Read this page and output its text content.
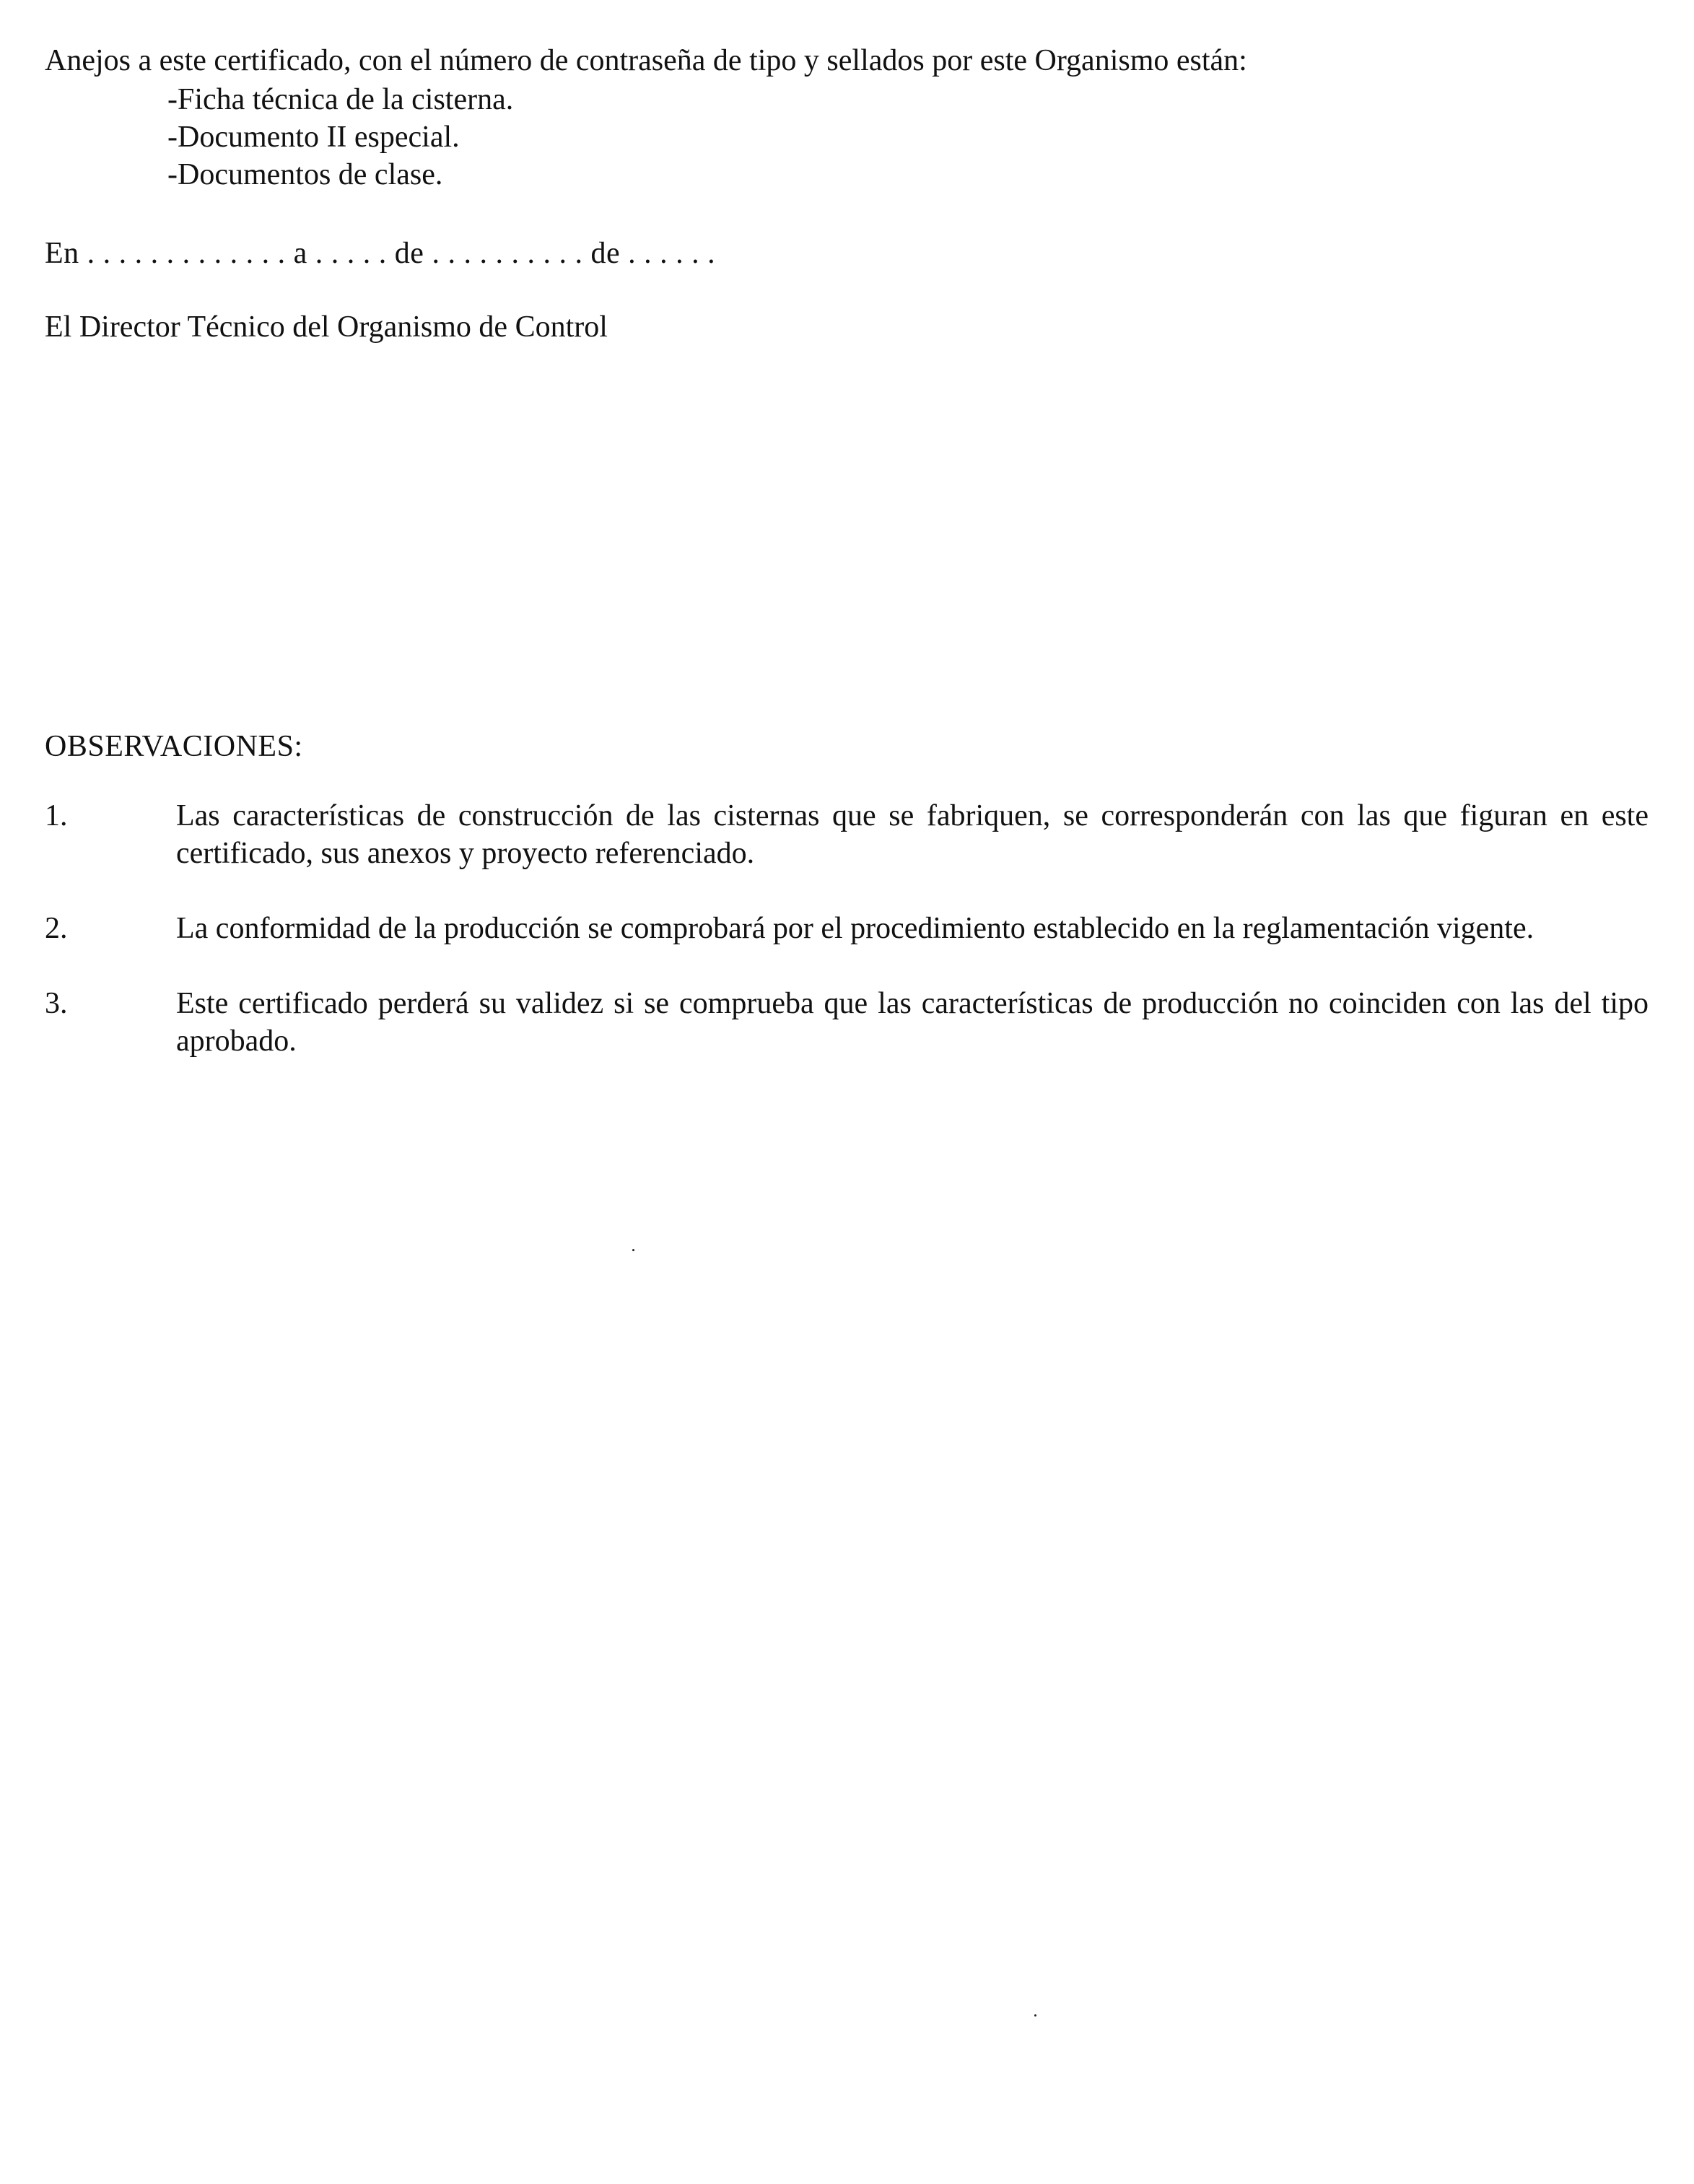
Anejos a este certificado, con el número de contraseña de tipo y sellados por este Organismo están:
-Ficha técnica de la cisterna.
-Documento II especial.
-Documentos de clase.
En . . . . . . . . . . . . . a . . . . . de . . . . . . . . . . de . . . . . .
El Director Técnico del Organismo de Control
OBSERVACIONES:
1.	Las características de construcción de las cisternas que se fabriquen, se corresponderán con las que figuran en este certificado, sus anexos y proyecto referenciado.
2.	La conformidad de la producción se comprobará por el procedimiento establecido en la reglamentación vigente.
3.	Este certificado perderá su validez si se comprueba que las características de producción no coinciden con las del tipo aprobado.
